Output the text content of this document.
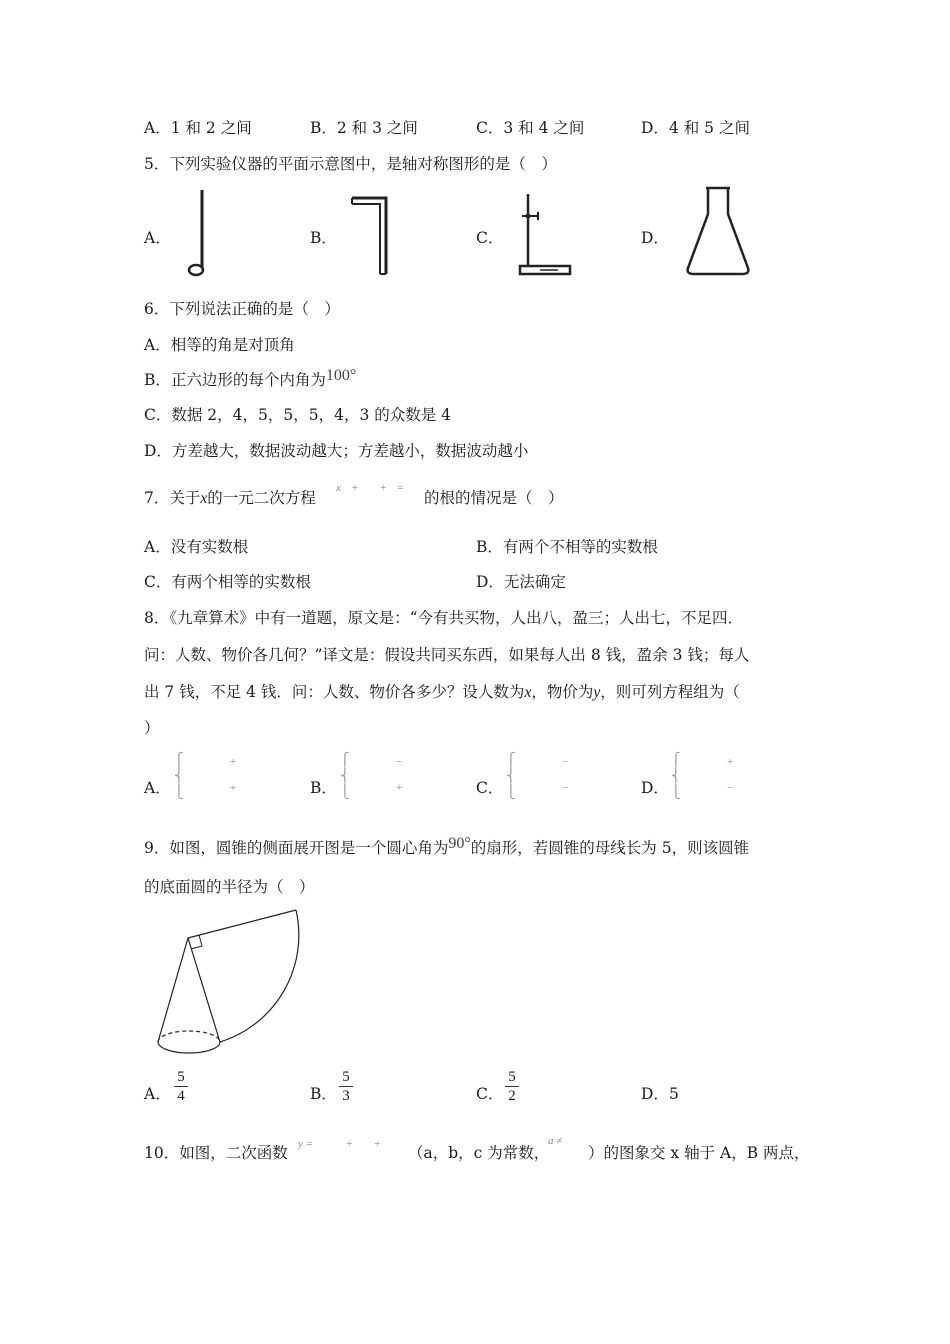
A．1 和 2 之间	B．2 和 3 之间	C．3 和 4 之间	D．4 和 5 之间
5．下列实验仪器的平面示意图中，是轴对称图形的是（　）
A．	B．	C．	D．
6．下列说法正确的是（　）
A．相等的角是对顶角
B．正六边形的每个内角为100°
C．数据 2，4，5，5，5，4，3 的众数是 4
D．方差越大，数据波动越大；方差越小，数据波动越小
7．关于x的一元二次方程
x　 +　　+　=
的根的情况是（　）
A．没有实数根	B．有两个不相等的实数根
C．有两个相等的实数根	D．无法确定
8．《九章算术》中有一道题，原文是：“今有共买物，人出八，盈三；人出七，不足四．
问：人数、物价各几何？”译文是：假设共同买东西，如果每人出 8 钱，盈余 3 钱；每人
出 7 钱，不足 4 钱．问：人数、物价各多少？设人数为x，物价为y，则可列方程组为（
）
A．
⎧
⎨
⎩
+
+	B．
⎧
⎨
⎩
−
+	C．
⎧
⎨
⎩
−
−	D．
⎧
⎨
⎩
+
−
9．如图，圆锥的侧面展开图是一个圆心角为90°的扇形，若圆锥的母线长为 5，则该圆锥
的底面圆的半径为（　）
A．
5
4	B．
5
3	C．
5
2	D．5
10．如图，二次函数 y =　　　	+　　+ （a，b，c 为常数，
a ≠
）的图象交 x 轴于 A，B 两点，
